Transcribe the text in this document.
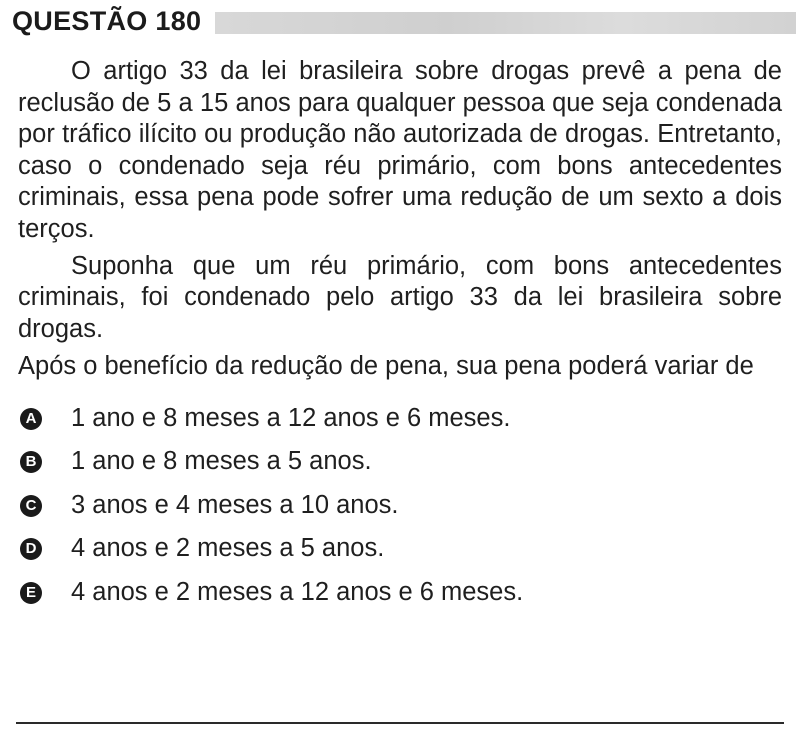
QUESTÃO 180

O artigo 33 da lei brasileira sobre drogas prevê a pena de reclusão de 5 a 15 anos para qualquer pessoa que seja condenada por tráfico ilícito ou produção não autorizada de drogas. Entretanto, caso o condenado seja réu primário, com bons antecedentes criminais, essa pena pode sofrer uma redução de um sexto a dois terços.

Suponha que um réu primário, com bons antecedentes criminais, foi condenado pelo artigo 33 da lei brasileira sobre drogas.

Após o benefício da redução de pena, sua pena poderá variar de

A 1 ano e 8 meses a 12 anos e 6 meses.
B 1 ano e 8 meses a 5 anos.
C 3 anos e 4 meses a 10 anos.
D 4 anos e 2 meses a 5 anos.
E 4 anos e 2 meses a 12 anos e 6 meses.
